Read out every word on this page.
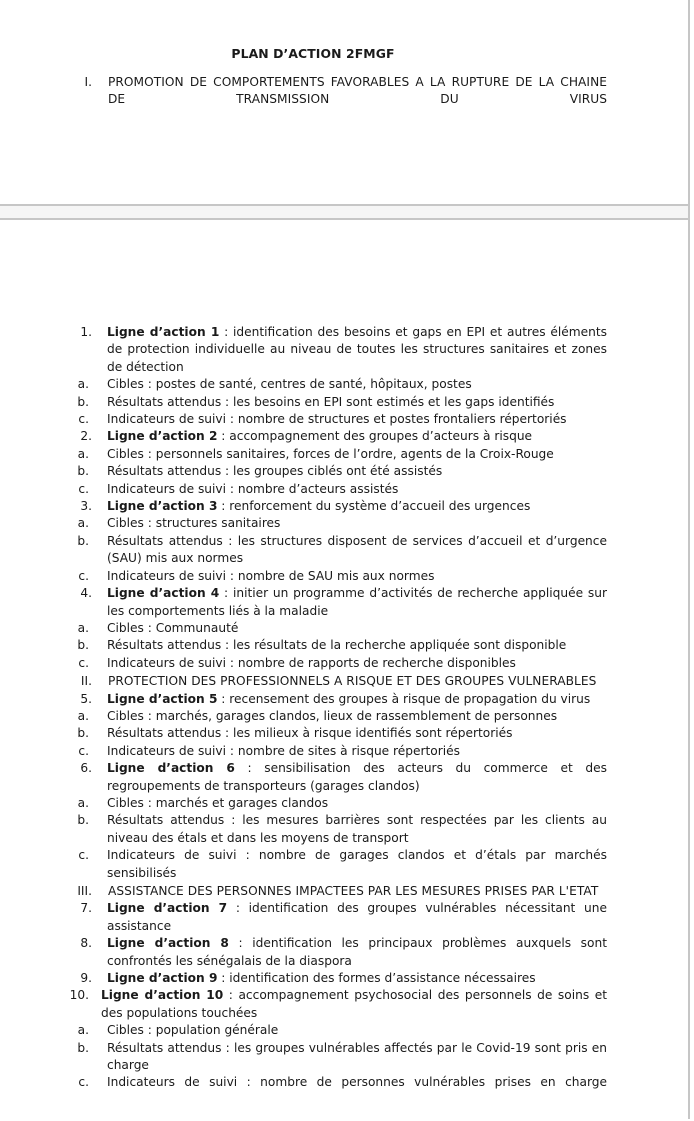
PLAN D’ACTION 2FMGF
I.	PROMOTION DE COMPORTEMENTS FAVORABLES A LA RUPTURE DE LA CHAINE DE TRANSMISSION DU VIRUS
1.	Ligne d’action 1 : identification des besoins et gaps en EPI et autres éléments de protection individuelle au niveau de toutes les structures sanitaires et zones de détection
a.	Cibles : postes de santé, centres de santé, hôpitaux, postes
b.	Résultats attendus : les besoins en EPI sont estimés et les gaps identifiés
c.	Indicateurs de suivi : nombre de structures et postes frontaliers répertoriés
2.	Ligne d’action 2 : accompagnement des groupes d’acteurs à risque
a.	Cibles : personnels sanitaires, forces de l’ordre, agents de la Croix-Rouge
b.	Résultats attendus : les groupes ciblés ont été assistés
c.	Indicateurs de suivi : nombre d’acteurs assistés
3.	Ligne d’action 3 : renforcement du système d’accueil des urgences
a.	Cibles : structures sanitaires
b.	Résultats attendus : les structures disposent de services d’accueil et d’urgence (SAU) mis aux normes
c.	Indicateurs de suivi : nombre de SAU mis aux normes
4.	Ligne d’action 4 : initier un programme d’activités de recherche appliquée sur les comportements liés à la maladie
a.	Cibles : Communauté
b.	Résultats attendus : les résultats de la recherche appliquée sont disponible
c.	Indicateurs de suivi : nombre de rapports de recherche disponibles
II.	PROTECTION DES PROFESSIONNELS A RISQUE ET DES GROUPES VULNERABLES
5.	Ligne d’action 5 : recensement des groupes à risque de propagation du virus
a.	Cibles : marchés, garages clandos, lieux de rassemblement de personnes
b.	Résultats attendus : les milieux à risque identifiés sont répertoriés
c.	Indicateurs de suivi : nombre de sites à risque répertoriés
6.	Ligne d’action 6 : sensibilisation des acteurs du commerce et des regroupements de transporteurs (garages clandos)
a.	Cibles : marchés et garages clandos
b.	Résultats attendus : les mesures barrières sont respectées par les clients au niveau des étals et dans les moyens de transport
c.	Indicateurs de suivi : nombre de garages clandos et d’étals par marchés sensibilisés
III.	ASSISTANCE DES PERSONNES IMPACTEES PAR LES MESURES PRISES PAR L'ETAT
7.	Ligne d’action 7 : identification des groupes vulnérables nécessitant une assistance
8.	Ligne d’action 8 : identification les principaux problèmes auxquels sont confrontés les sénégalais de la diaspora
9.	Ligne d’action 9 : identification des formes d’assistance nécessaires
10. Ligne d’action 10 : accompagnement psychosocial des personnels de soins et des populations touchées
a.	Cibles : population générale
b.	Résultats attendus : les groupes vulnérables affectés par le Covid-19 sont pris en charge
c.	Indicateurs de suivi : nombre de personnes vulnérables prises en charge
